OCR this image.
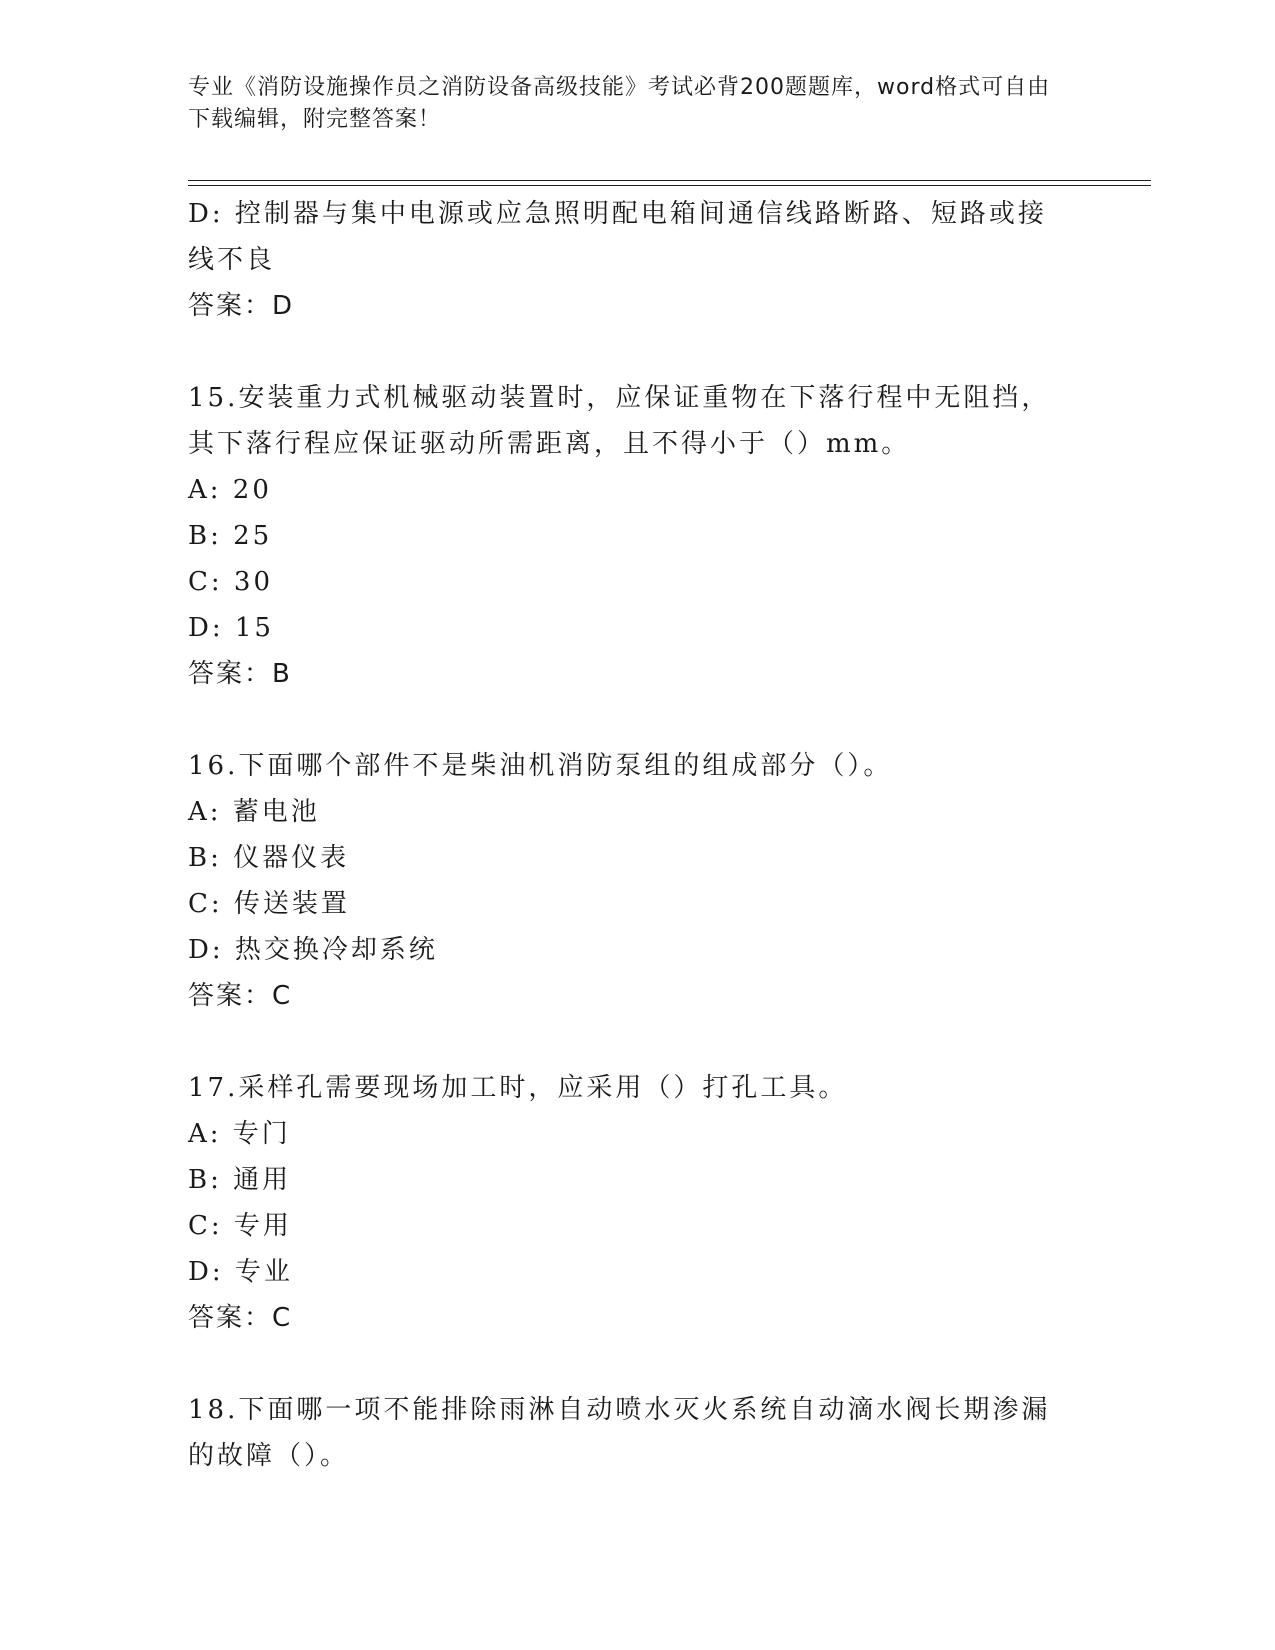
专业《消防设施操作员之消防设备高级技能》考试必背200题题库，word格式可自由下载编辑，附完整答案！
D: 控制器与集中电源或应急照明配电箱间通信线路断路、短路或接线不良
答案：D
15.安装重力式机械驱动装置时，应保证重物在下落行程中无阻挡，其下落行程应保证驱动所需距离，且不得小于（）mm。
A: 20
B: 25
C: 30
D: 15
答案：B
16.下面哪个部件不是柴油机消防泵组的组成部分（）。
A: 蓄电池
B: 仪器仪表
C: 传送装置
D: 热交换冷却系统
答案：C
17.采样孔需要现场加工时，应采用（）打孔工具。
A: 专门
B: 通用
C: 专用
D: 专业
答案：C
18.下面哪一项不能排除雨淋自动喷水灭火系统自动滴水阀长期渗漏的故障（）。
